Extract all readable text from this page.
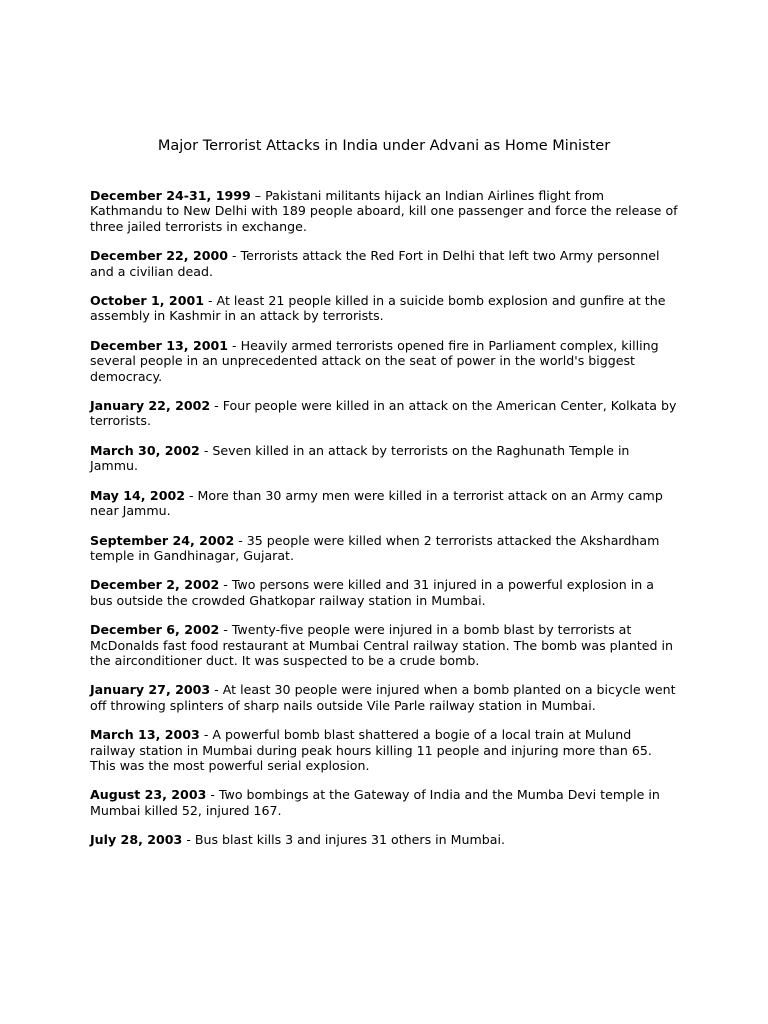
Major Terrorist Attacks in India under Advani as Home Minister
December 24-31, 1999 – Pakistani militants hijack an Indian Airlines flight from Kathmandu to New Delhi with 189 people aboard, kill one passenger and force the release of three jailed terrorists in exchange.
December 22, 2000 - Terrorists attack the Red Fort in Delhi that left two Army personnel and a civilian dead.
October 1, 2001 - At least 21 people killed in a suicide bomb explosion and gunfire at the assembly in Kashmir in an attack by terrorists.
December 13, 2001 - Heavily armed terrorists opened fire in Parliament complex, killing several people in an unprecedented attack on the seat of power in the world's biggest democracy.
January 22, 2002 - Four people were killed in an attack on the American Center, Kolkata by terrorists.
March 30, 2002 - Seven killed in an attack by terrorists on the Raghunath Temple in Jammu.
May 14, 2002 - More than 30 army men were killed in a terrorist attack on an Army camp near Jammu.
September 24, 2002 - 35 people were killed when 2 terrorists attacked the Akshardham temple in Gandhinagar, Gujarat.
December 2, 2002 - Two persons were killed and 31 injured in a powerful explosion in a bus outside the crowded Ghatkopar railway station in Mumbai.
December 6, 2002 - Twenty-five people were injured in a bomb blast by terrorists at McDonalds fast food restaurant at Mumbai Central railway station. The bomb was planted in the airconditioner duct. It was suspected to be a crude bomb.
January 27, 2003 - At least 30 people were injured when a bomb planted on a bicycle went off throwing splinters of sharp nails outside Vile Parle railway station in Mumbai.
March 13, 2003 - A powerful bomb blast shattered a bogie of a local train at Mulund railway station in Mumbai during peak hours killing 11 people and injuring more than 65. This was the most powerful serial explosion.
August 23, 2003 - Two bombings at the Gateway of India and the Mumba Devi temple in Mumbai killed 52, injured 167.
July 28, 2003 - Bus blast kills 3 and injures 31 others in Mumbai.
